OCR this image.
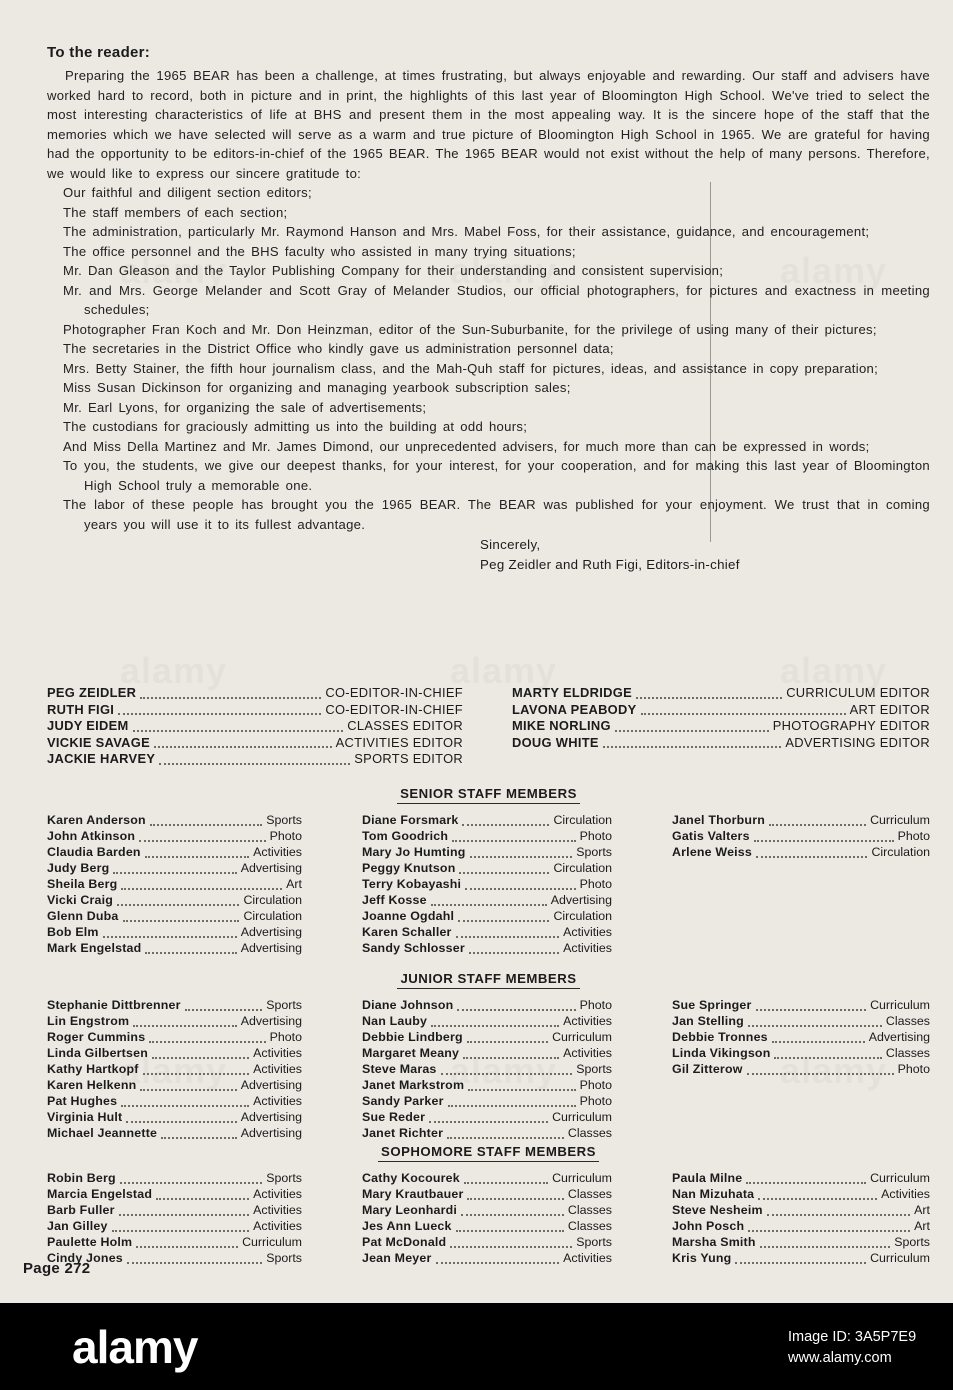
To the reader:

Preparing the 1965 BEAR has been a challenge, at times frustrating, but always enjoyable and rewarding. Our staff and advisers have worked hard to record, both in picture and in print, the highlights of this last year of Bloomington High School. We've tried to select the most interesting characteristics of life at BHS and present them in the most appealing way. It is the sincere hope of the staff that the memories which we have selected will serve as a warm and true picture of Bloomington High School in 1965. We are grateful for having had the opportunity to be editors-in-chief of the 1965 BEAR. The 1965 BEAR would not exist without the help of many persons. Therefore, we would like to express our sincere gratitude to:

Our faithful and diligent section editors;

The staff members of each section;

The administration, particularly Mr. Raymond Hanson and Mrs. Mabel Foss, for their assistance, guidance, and encouragement;

The office personnel and the BHS faculty who assisted in many trying situations;

Mr. Dan Gleason and the Taylor Publishing Company for their understanding and consistent supervision;

Mr. and Mrs. George Melander and Scott Gray of Melander Studios, our official photographers, for pictures and exactness in meeting schedules;

Photographer Fran Koch and Mr. Don Heinzman, editor of the Sun-Suburbanite, for the privilege of using many of their pictures;

The secretaries in the District Office who kindly gave us administration personnel data;

Mrs. Betty Stainer, the fifth hour journalism class, and the Mah-Quh staff for pictures, ideas, and assistance in copy preparation;

Miss Susan Dickinson for organizing and managing yearbook subscription sales;

Mr. Earl Lyons, for organizing the sale of advertisements;

The custodians for graciously admitting us into the building at odd hours;

And Miss Della Martinez and Mr. James Dimond, our unprecedented advisers, for much more than can be expressed in words;

To you, the students, we give our deepest thanks, for your interest, for your cooperation, and for making this last year of Bloomington High School truly a memorable one.

The labor of these people has brought you the 1965 BEAR. The BEAR was published for your enjoyment. We trust that in coming years you will use it to its fullest advantage.

Sincerely,
Peg Zeidler and Ruth Figi, Editors-in-chief
PEG ZEIDLER	CO-EDITOR-IN-CHIEF
RUTH FIGI	CO-EDITOR-IN-CHIEF
JUDY EIDEM	CLASSES EDITOR
VICKIE SAVAGE	ACTIVITIES EDITOR
JACKIE HARVEY	SPORTS EDITOR
MARTY ELDRIDGE	CURRICULUM EDITOR
LAVONA PEABODY	ART EDITOR
MIKE NORLING	PHOTOGRAPHY EDITOR
DOUG WHITE	ADVERTISING EDITOR
SENIOR STAFF MEMBERS
Karen Anderson	Sports
John Atkinson	Photo
Claudia Barden	Activities
Judy Berg	Advertising
Sheila Berg	Art
Vicki Craig	Circulation
Glenn Duba	Circulation
Bob Elm	Advertising
Mark Engelstad	Advertising
Diane Forsmark	Circulation
Tom Goodrich	Photo
Mary Jo Humting	Sports
Peggy Knutson	Circulation
Terry Kobayashi	Photo
Jeff Kosse	Advertising
Joanne Ogdahl	Circulation
Karen Schaller	Activities
Sandy Schlosser	Activities
Janel Thorburn	Curriculum
Gatis Valters	Photo
Arlene Weiss	Circulation
JUNIOR STAFF MEMBERS
Stephanie Dittbrenner	Sports
Lin Engstrom	Advertising
Roger Cummins	Photo
Linda Gilbertsen	Activities
Kathy Hartkopf	Activities
Karen Helkenn	Advertising
Pat Hughes	Activities
Virginia Hult	Advertising
Michael Jeannette	Advertising
Diane Johnson	Photo
Nan Lauby	Activities
Debbie Lindberg	Curriculum
Margaret Meany	Activities
Steve Maras	Sports
Janet Markstrom	Photo
Sandy Parker	Photo
Sue Reder	Curriculum
Janet Richter	Classes
Sue Springer	Curriculum
Jan Stelling	Classes
Debbie Tronnes	Advertising
Linda Vikingson	Classes
Gil Zitterow	Photo
SOPHOMORE STAFF MEMBERS
Robin Berg	Sports
Marcia Engelstad	Activities
Barb Fuller	Activities
Jan Gilley	Activities
Paulette Holm	Curriculum
Cindy Jones	Sports
Cathy Kocourek	Curriculum
Mary Krautbauer	Classes
Mary Leonhardi	Classes
Jes Ann Lueck	Classes
Pat McDonald	Sports
Jean Meyer	Activities
Paula Milne	Curriculum
Nan Mizuhata	Activities
Steve Nesheim	Art
John Posch	Art
Marsha Smith	Sports
Kris Yung	Curriculum
Page 272
alamy	Image ID: 3A5P7E9
www.alamy.com
